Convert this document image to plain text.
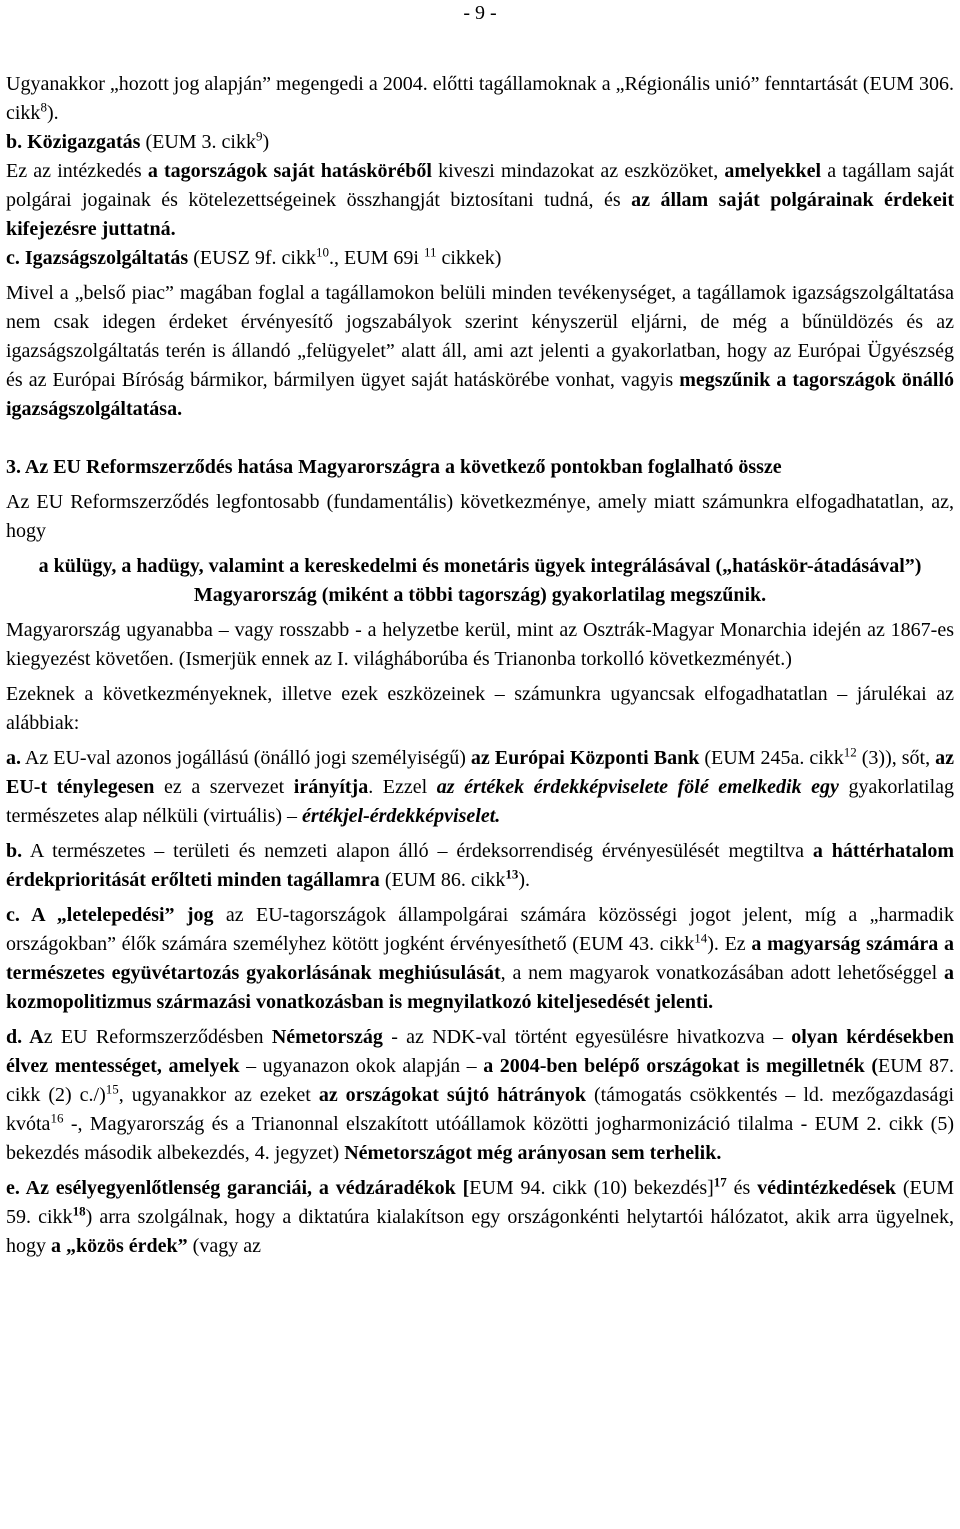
- 9 -

Ugyanakkor „hozott jog alapján” megengedi a 2004. előtti tagállamoknak a „Régionális unió” fenntartását (EUM 306. cikk$^8$).

b. Közigazgatás (EUM 3. cikk$^9$)

Ez az intézkedés a tagországok saját hatásköréből kiveszi mindazokat az eszközöket, amelyekkel a tagállam saját polgárai jogainak és kötelezettségeinek összhangját biztosítani tudná, és az állam saját polgárainak érdekeit kifejezésre juttatná.

c. Igazságszolgáltatás (EUSZ 9f. cikk$^{10}$., EUM 69i $^{11}$ cikkek)

Mivel a „belső piac” magában foglal a tagállamokon belüli minden tevékenységet, a tagállamok igazságszolgáltatása nem csak idegen érdeket érvényesítő jogszabályok szerint kényszerül eljárni, de még a bűnüldözés és az igazságszolgáltatás terén is állandó „felügyelet” alatt áll, ami azt jelenti a gyakorlatban, hogy az Európai Ügyészség és az Európai Bíróság bármikor, bármilyen ügyet saját hatáskörébe vonhat, vagyis megszűnik a tagországok önálló igazságszolgáltatása.

3. Az EU Reformszerződés hatása Magyarországra a következő pontokban foglalható össze

Az EU Reformszerződés legfontosabb (fundamentális) következménye, amely miatt számunkra elfogadhatatlan, az, hogy

a külügy, a hadügy, valamint a kereskedelmi és monetáris ügyek integrálásával („hatáskör-átadásával”) Magyarország (miként a többi tagország) gyakorlatilag megszűnik.

Magyarország ugyanabba – vagy rosszabb - a helyzetbe kerül, mint az Osztrák-Magyar Monarchia idején az 1867-es kiegyezést követően. (Ismerjük ennek az I. világháborúba és Trianonba torkolló következményét.)

Ezeknek a következményeknek, illetve ezek eszközeinek – számunkra ugyancsak elfogadhatatlan – járulékai az alábbiak:

a. Az EU-val azonos jogállású (önálló jogi személyiségű) az Európai Központi Bank (EUM 245a. cikk$^{12}$ (3)), sőt, az EU-t ténylegesen ez a szervezet irányítja. Ezzel az értékek érdekképviselete fölé emelkedik egy gyakorlatilag természetes alap nélküli (virtuális) – értékjel-érdekképviselet.

b. A természetes – területi és nemzeti alapon álló – érdeksorrendiség érvényesülését megtiltva a háttérhatalom érdekprioritását erőlteti minden tagállamra (EUM 86. cikk$^{13}$).

c. A „letelepedési” jog az EU-tagországok állampolgárai számára közösségi jogot jelent, míg a „harmadik országokban” élők számára személyhez kötött jogként érvényesíthető (EUM 43. cikk$^{14}$). Ez a magyarság számára a természetes együvétartozás gyakorlásának meghiúsulását, a nem magyarok vonatkozásában adott lehetőséggel a kozmopolitizmus származási vonatkozásban is megnyilatkozó kiteljesedését jelenti.

d. Az EU Reformszerződésben Németország - az NDK-val történt egyesülésre hivatkozva – olyan kérdésekben élvez mentességet, amelyek – ugyanazon okok alapján – a 2004-ben belépő országokat is megilletnék (EUM 87. cikk (2) c./)$^{15}$, ugyanakkor az ezeket az országokat sújtó hátrányok (támogatás csökkentés – ld. mezőgazdasági kvóta$^{16}$ -, Magyarország és a Trianonnal elszakított utóállamok közötti jogharmonizáció tilalma - EUM 2. cikk (5) bekezdés második albekezdés, 4. jegyzet) Németországot még arányosan sem terhelik.

e. Az esélyegyenlőtlenség garanciái, a védzáradékok [EUM 94. cikk (10) bekezdés]$^{17}$ és védintézkedések (EUM 59. cikk$^{18}$) arra szolgálnak, hogy a diktatúra kialakítson egy országonkénti helytartói hálózatot, akik arra ügyelnek, hogy a „közös érdek” (vagy az
